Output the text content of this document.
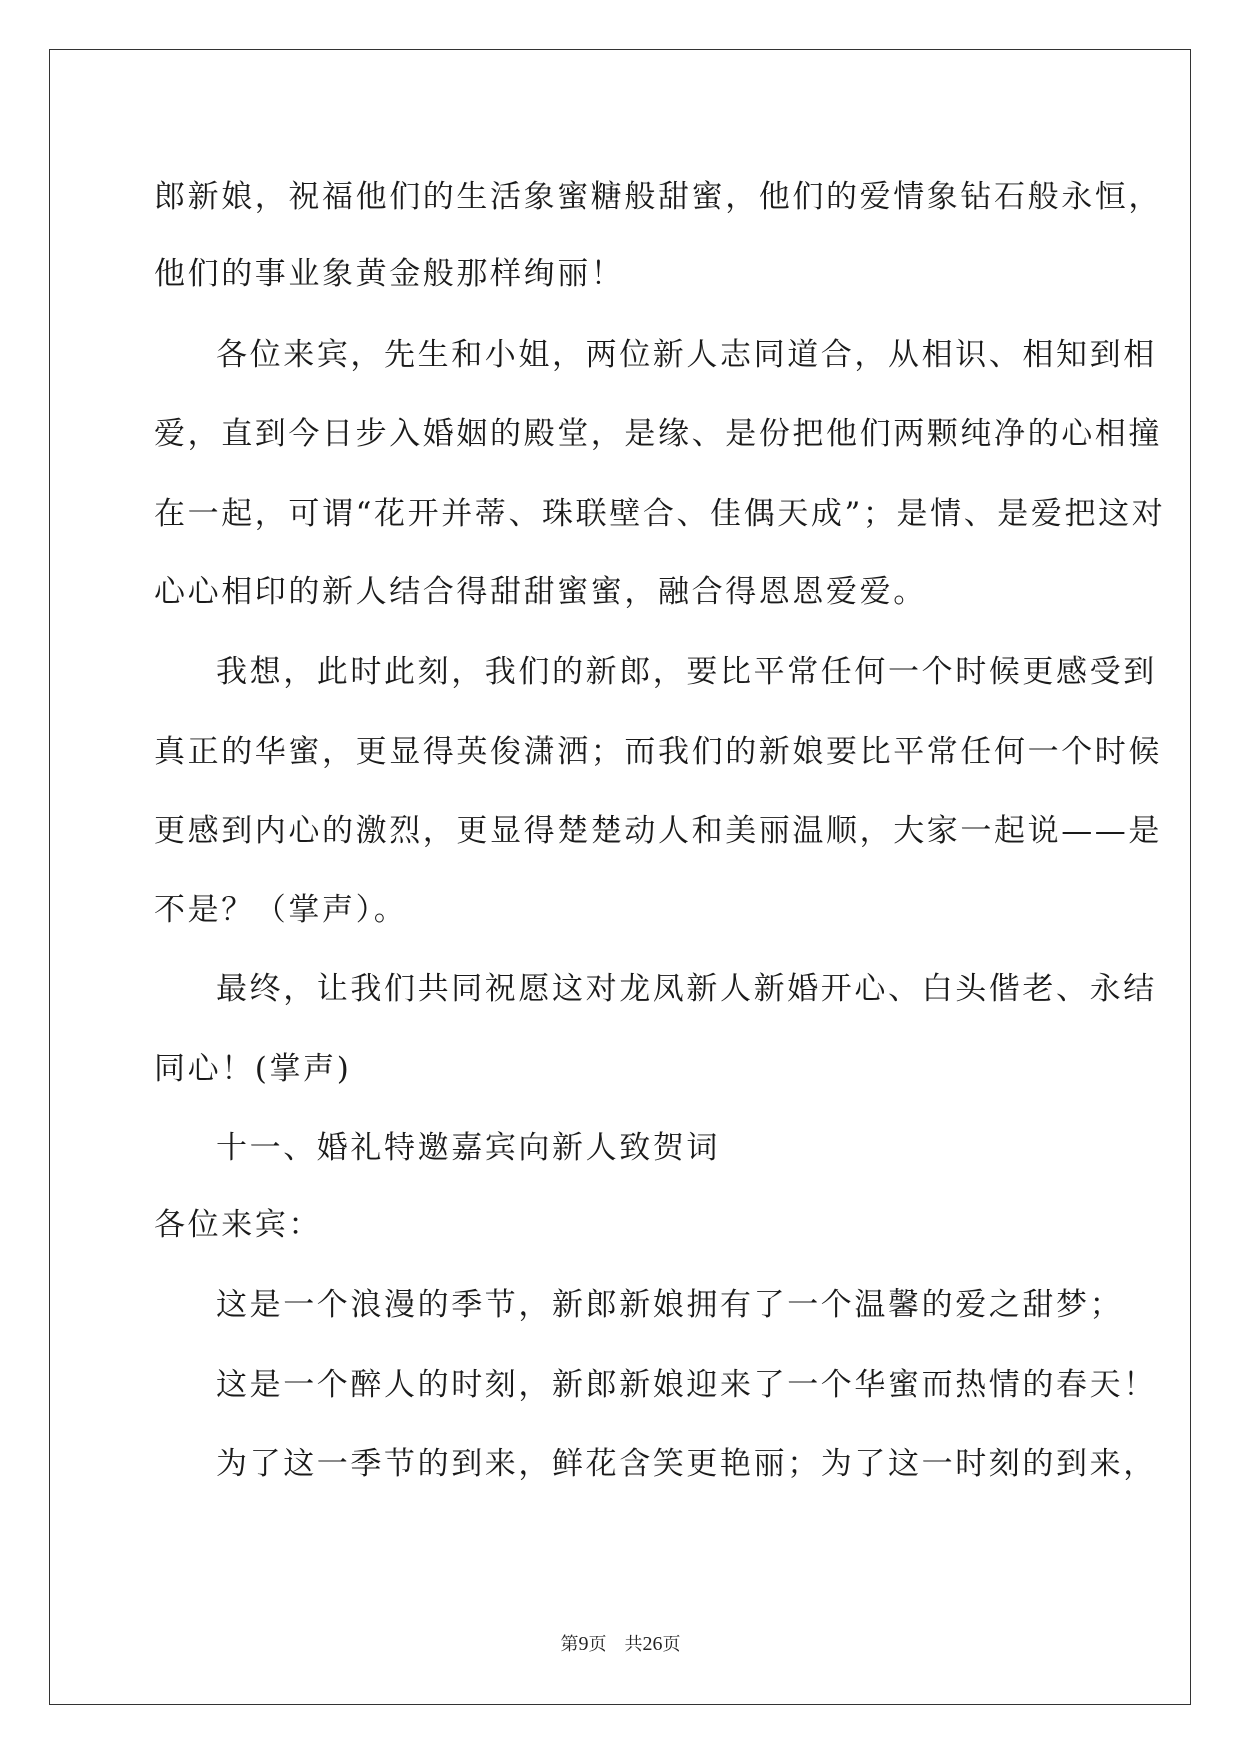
郎新娘，祝福他们的生活象蜜糖般甜蜜，他们的爱情象钻石般永恒，
他们的事业象黄金般那样绚丽！
各位来宾，先生和小姐，两位新人志同道合，从相识、相知到相
爱，直到今日步入婚姻的殿堂，是缘、是份把他们两颗纯净的心相撞
在一起，可谓“花开并蒂、珠联壁合、佳偶天成”；是情、是爱把这对
心心相印的新人结合得甜甜蜜蜜，融合得恩恩爱爱。
我想，此时此刻，我们的新郎，要比平常任何一个时候更感受到
真正的华蜜，更显得英俊潇洒；而我们的新娘要比平常任何一个时候
更感到内心的激烈，更显得楚楚动人和美丽温顺，大家一起说——是
不是？（掌声）。
最终，让我们共同祝愿这对龙凤新人新婚开心、白头偕老、永结
同心！(掌声)
十一、婚礼特邀嘉宾向新人致贺词
各位来宾：
这是一个浪漫的季节，新郎新娘拥有了一个温馨的爱之甜梦；
这是一个醉人的时刻，新郎新娘迎来了一个华蜜而热情的春天！
为了这一季节的到来，鲜花含笑更艳丽；为了这一时刻的到来，
第9页 共26页
